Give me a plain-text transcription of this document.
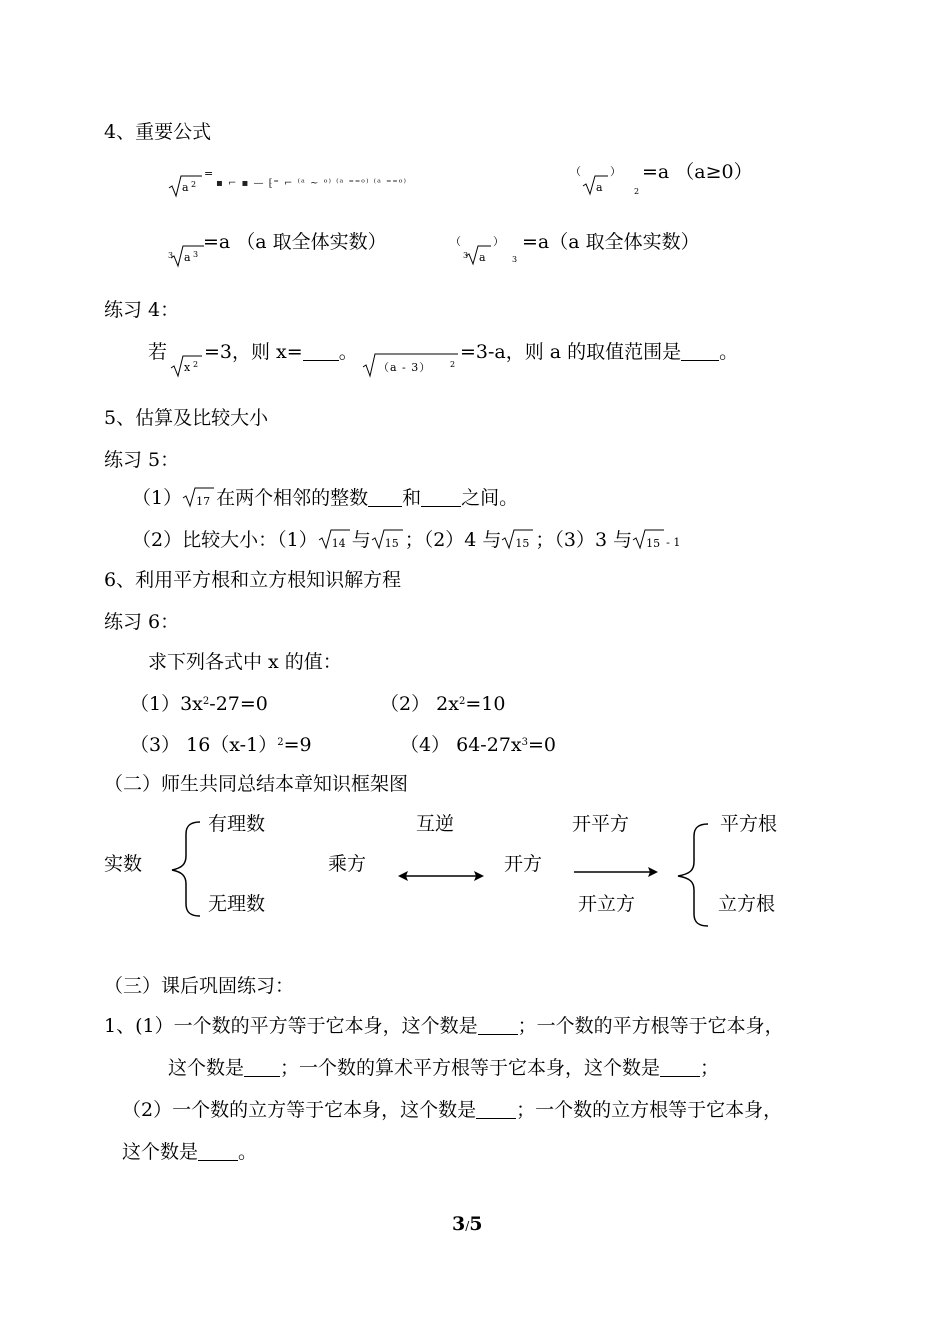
4、重要公式
a 2
=
▪ ⌐ ▪ — ⁅⁼ ⌐ ⁽ᵃ ~ ᵒ⁾ ⁽ᵃ ⁼⁼ᵒ⁾ ⁽ᵃ ⁼⁼ᵒ⁾
（
a
）
2
=a （a≥0）
3 a 3
=a （a 取全体实数）	（
3 a
）
3
=a（a 取全体实数）
练习 4：
若
x 2
=3，则 x= 。
（a - 3） 2
=3-a，则 a 的取值范围是 。
5、估算及比较大小
练习 5：
（1） 17 在两个相邻的整数 和 之间。
（2）比较大小：（1） 14 与 15 ；（2）4 与 15 ；（3）3 与 15 - 1
6、利用平方根和立方根知识解方程
练习 6：
求下列各式中 x 的值：
$(1)3x^2-27=0$	（2） $2x^2=10$
（3） $16(x-1)^2=9$	（4） $64-27x^3=0$
（二）师生共同总结本章知识框架图
实数
有理数
无理数
乘方
互逆
开方
开平方
开立方
平方根
立方根
（三）课后巩固练习：
1、(1）一个数的平方等于它本身，这个数是 ；一个数的平方根等于它本身，
这个数是 ；一个数的算术平方根等于它本身，这个数是 ；
（2）一个数的立方等于它本身，这个数是 ；一个数的立方根等于它本身，
这个数是 。
3/5
